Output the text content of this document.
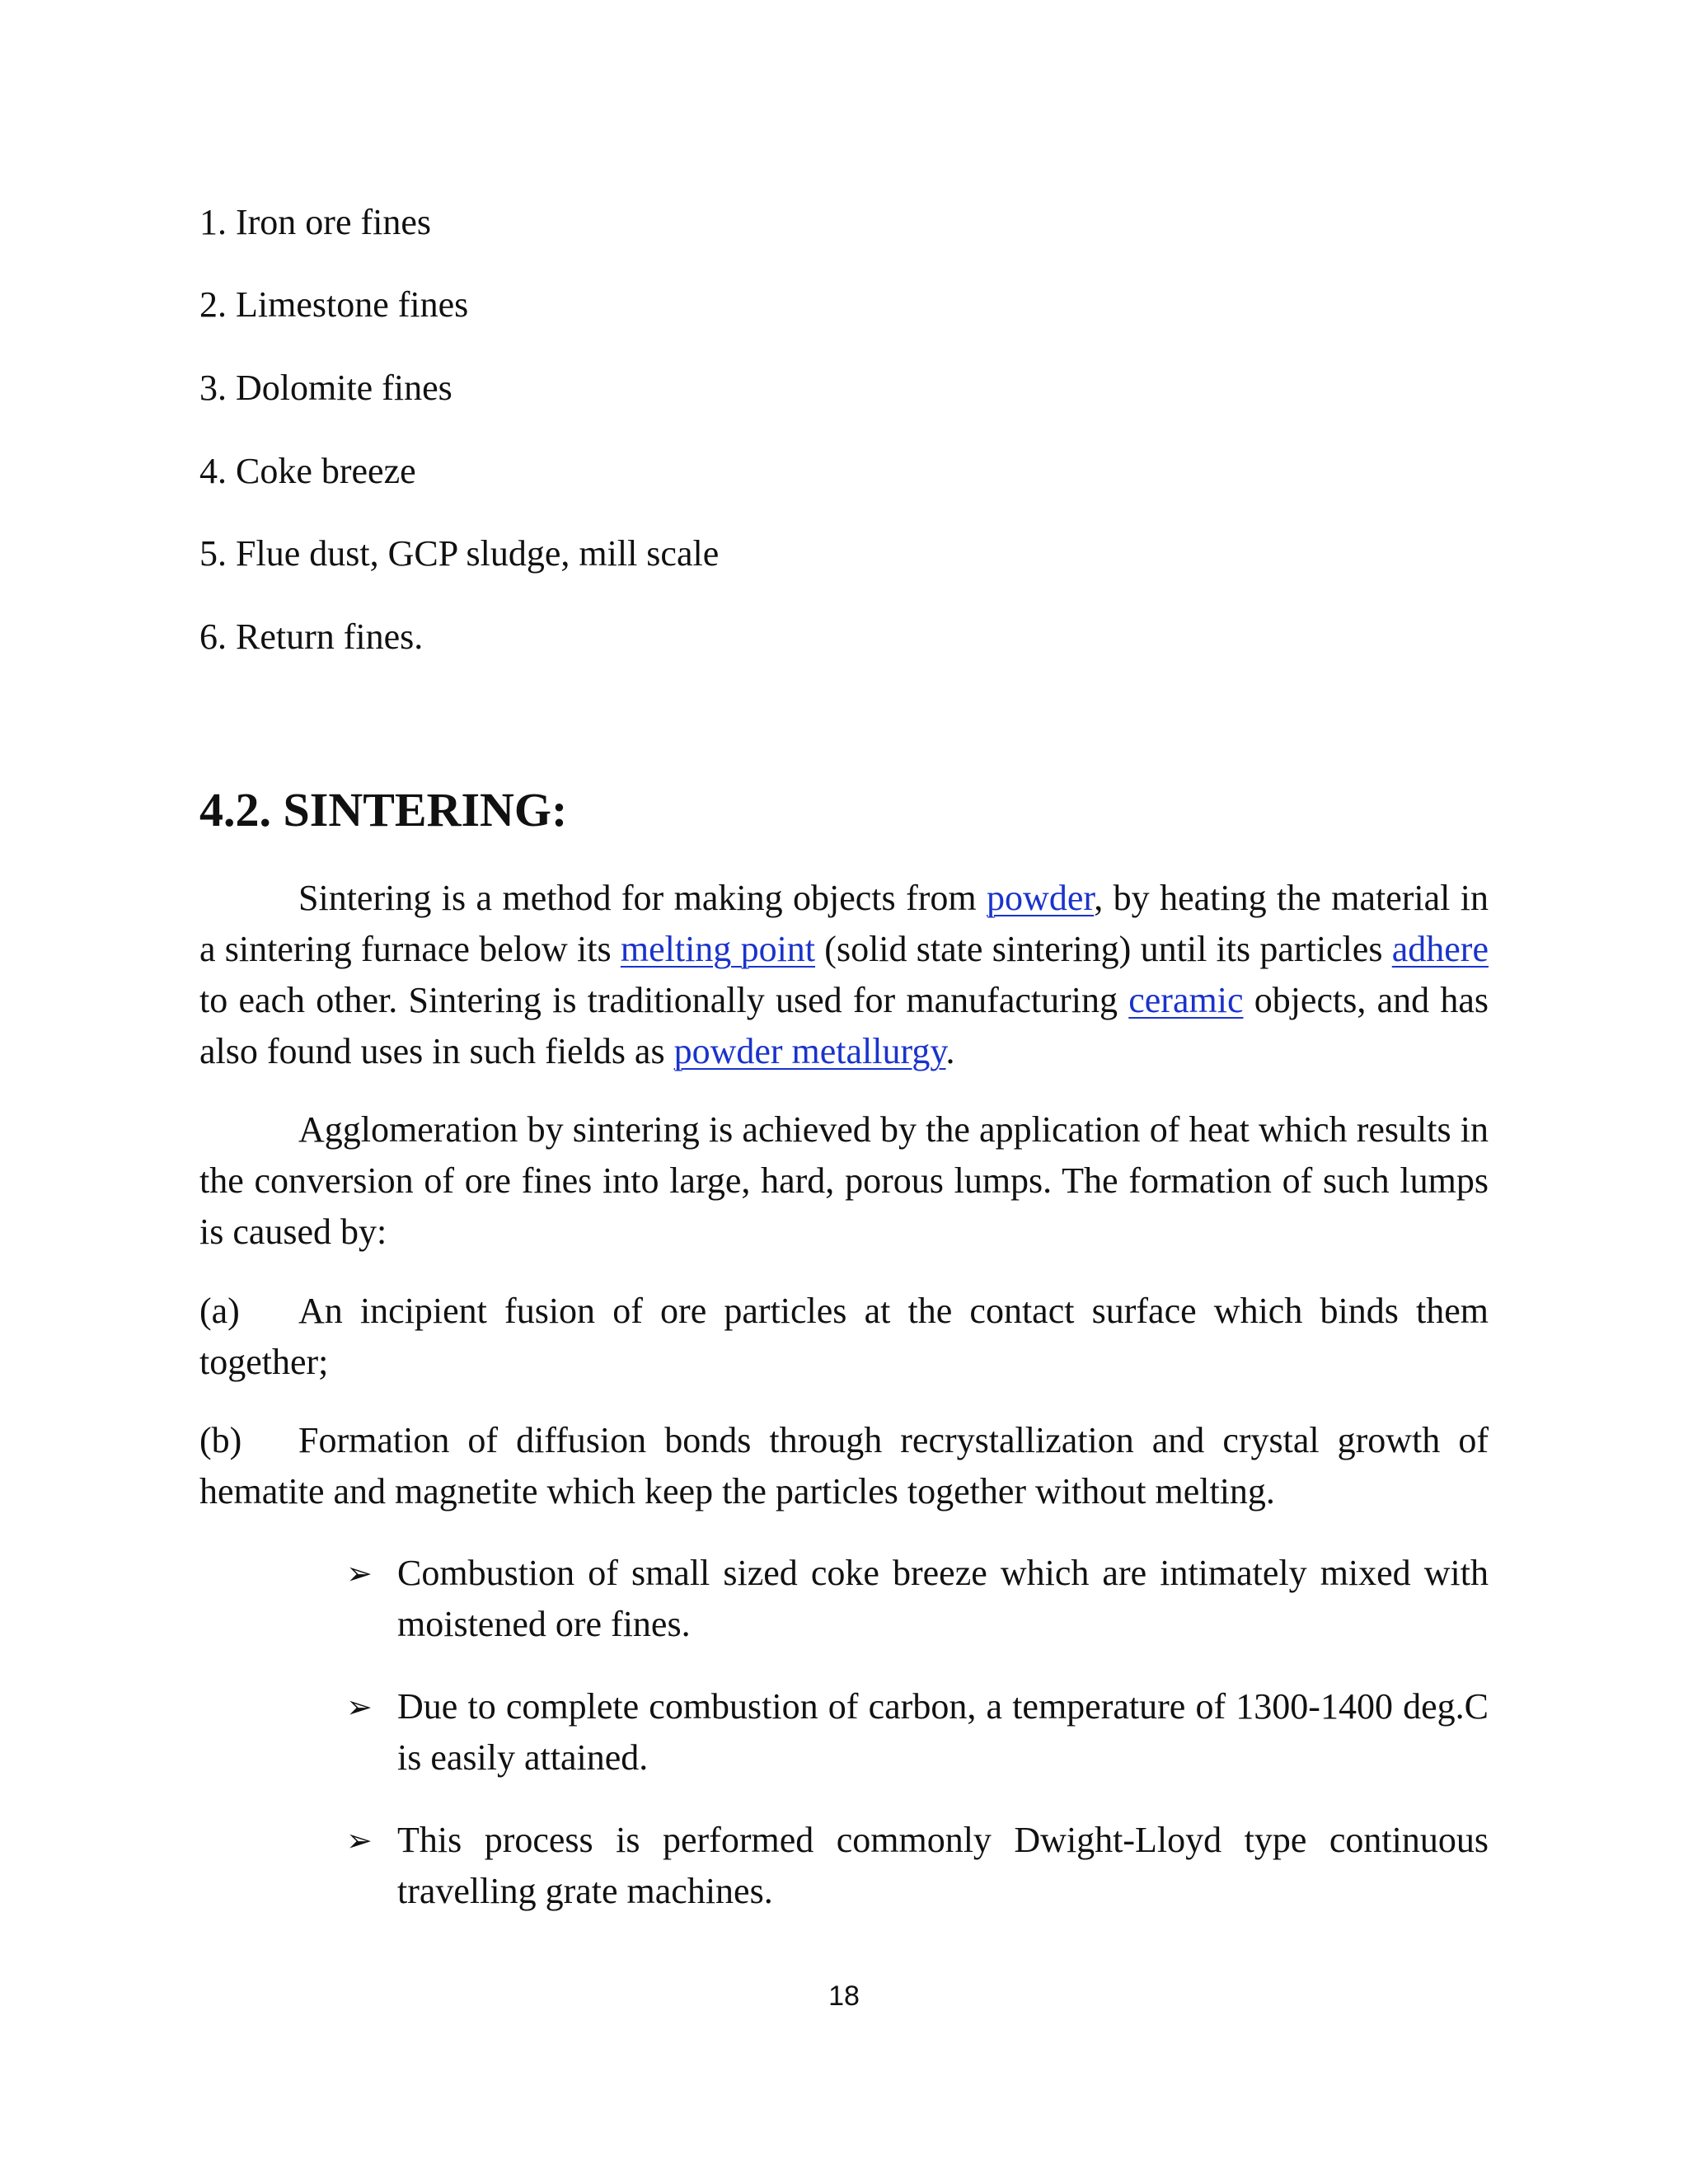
1. Iron ore fines
2. Limestone fines
3. Dolomite fines
4. Coke breeze
5. Flue dust, GCP sludge, mill scale
6. Return fines.
4.2. SINTERING:

Sintering is a method for making objects from powder, by heating the material in a sintering furnace below its melting point (solid state sintering) until its particles adhere to each other. Sintering is traditionally used for manufacturing ceramic objects, and has also found uses in such fields as powder metallurgy.

Agglomeration by sintering is achieved by the application of heat which results in the conversion of ore fines into large, hard, porous lumps. The formation of such lumps is caused by:

(a) An incipient fusion of ore particles at the contact surface which binds them together;

(b) Formation of diffusion bonds through recrystallization and crystal growth of hematite and magnetite which keep the particles together without melting.

➢ Combustion of small sized coke breeze which are intimately mixed with moistened ore fines.
➢ Due to complete combustion of carbon, a temperature of 1300-1400 deg.C is easily attained.
➢ This process is performed commonly Dwight-Lloyd type continuous travelling grate machines.
18
